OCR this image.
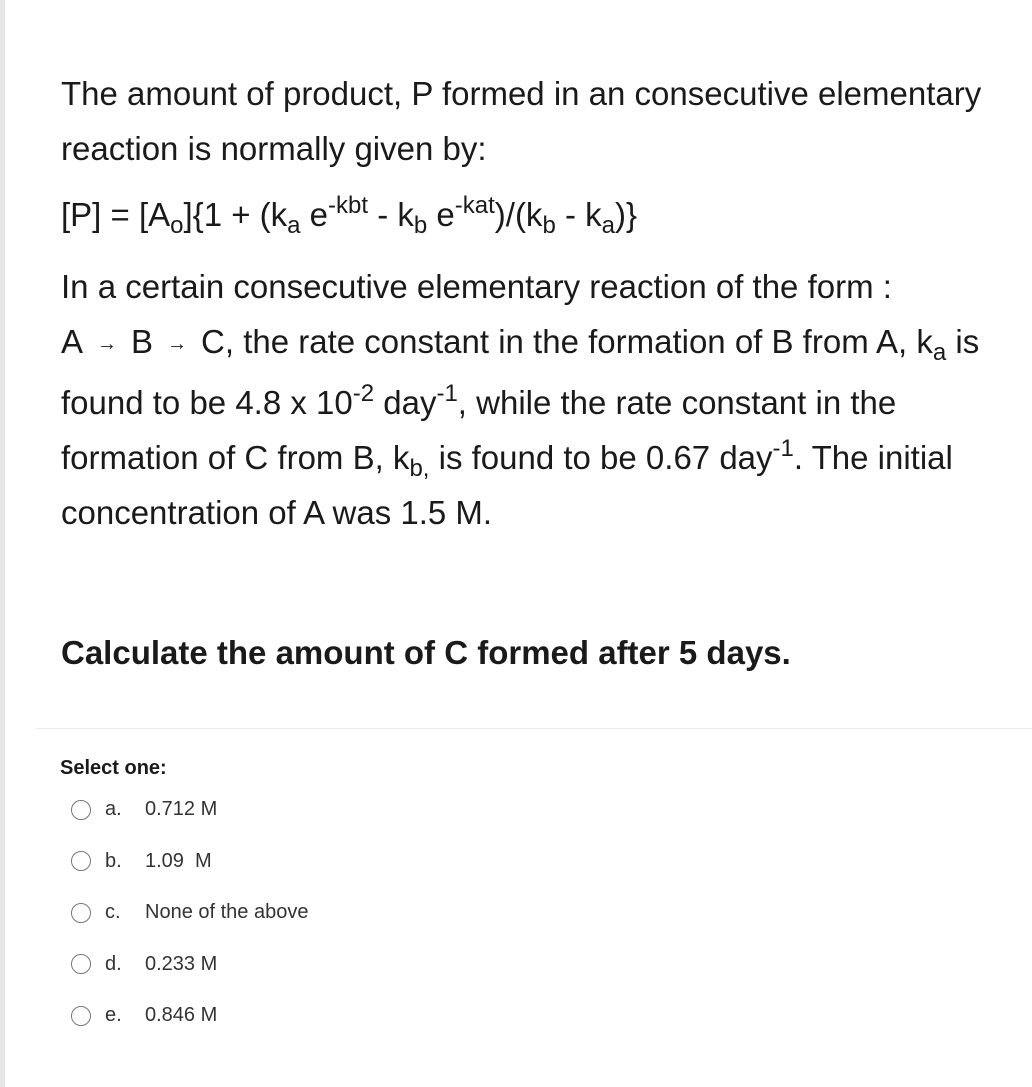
The amount of product, P formed in an consecutive elementary reaction is normally given by:

$[P] = [A_o]\{1 + (k_a$ $e^{-kbt} - k_b$ $e^{-kat})/(k_b - k_a)$}

In a certain consecutive elementary reaction of the form :
A → B → C, the rate constant in the formation of B from A, $k_a$ is found to be 4.8 x $10^{-2}$ day$^{-1}$, while the rate constant in the formation of C from B, $k_{b,}$ is found to be 0.67 day$^{-1}$. The initial concentration of A was 1.5 M.

Calculate the amount of C formed after 5 days.

Select one:

a.	0.712 M
b.	1.09  M
c.	None of the above
d.	0.233 M
e.	0.846 M
